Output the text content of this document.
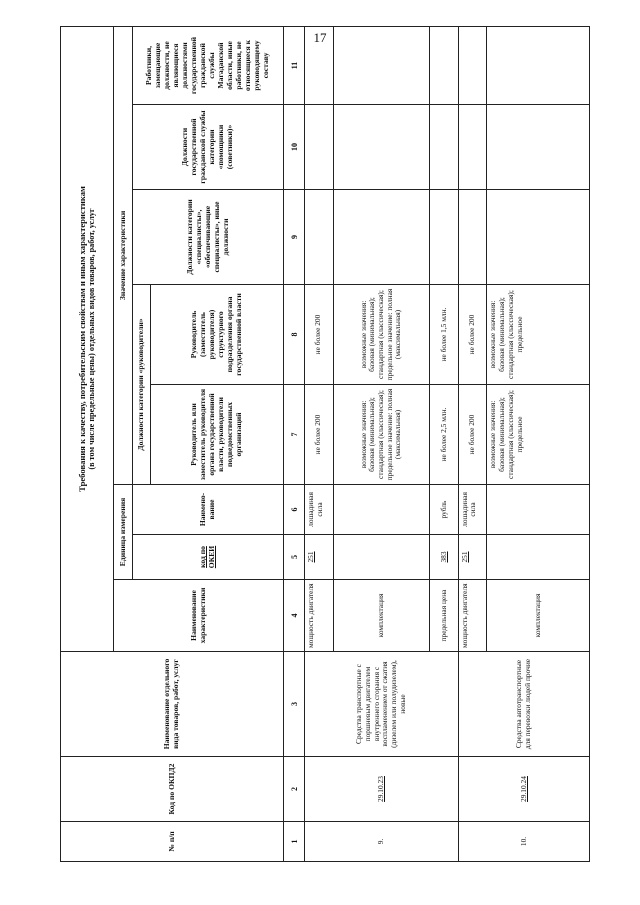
17
№ п/п	Код по ОКПД2	Наименование отдельного вида товаров, работ, услуг	Требования к качеству, потребительским свойствам и иным характеристикам (в том числе предельные цены) отдельных видов товаров, работ, услуг							

			Наименование характеристики	Единица измерения		Значение характеристики				
				код по ОКЕИ	Наимено-вание	Должности категории «руководители»		Должности категории «специалисты», «обеспечивающие специалисты», иные должности	Должности государственной гражданской службы категории «помощники (советники)»	Работники, замещающие должности, не являющиеся должностями государственной гражданской службы Магаданской области, иные работники, не относящиеся к руководящему составу
						Руководитель или заместитель руководителя органа государственной власти, руководители подведомственных организаций	Руководитель (заместитель руководителя) структурного подразделения органа государственной власти			
1	2	3	4	5	6	7	8	9	10	11
9.	29.10.23	Средства транспортные с поршневым двигателем внутреннего сгорания с воспламенением от сжатия (дизелем или полудизелем), новые	мощность двигателя	251	лошадиная сила	не более 200	не более 200			
			комплектация			возможные значения: базовая (минимальная); стандартная (классическая); предельное значение: полная (максимальная)	возможные значения: базовая (минимальная); стандартная (классическая); предельное значение: полная (максимальная)			
			предельная цена	383	рубль	не более 2,5 млн.	не более 1,5 млн.			
10.	29.10.24	Средства автотранспортные для перевозки людей прочие	мощность двигателя	251	лошадиная сила	не более 200	не более 200			
			комплектация			возможные значения: базовая (минимальная); стандартная (классическая); предельное	возможные значения: базовая (минимальная); стандартная (классическая); предельное			
